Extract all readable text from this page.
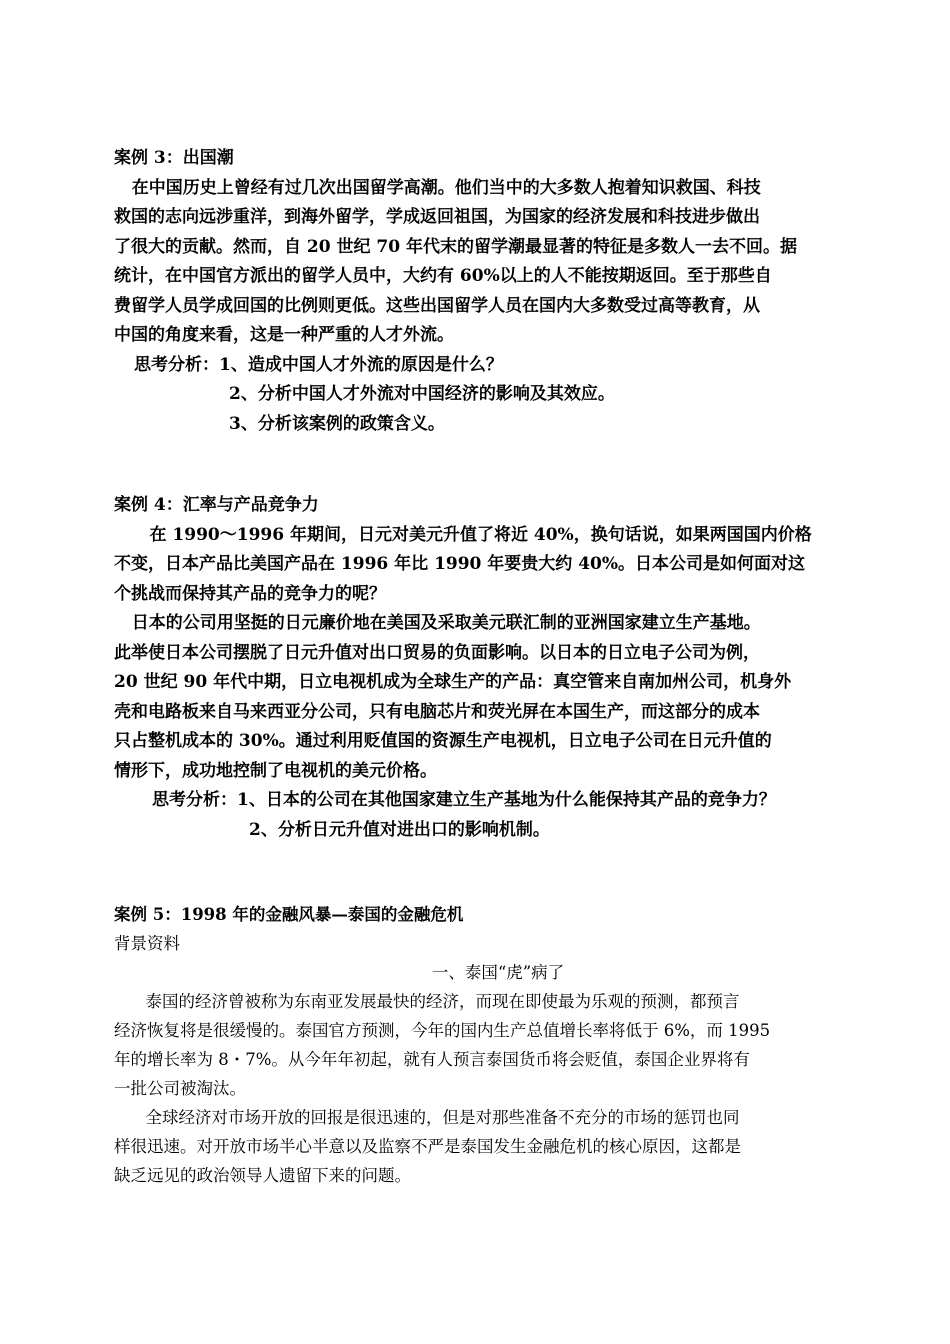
案例 3：出国潮
在中国历史上曾经有过几次出国留学高潮。他们当中的大多数人抱着知识救国、科技
救国的志向远涉重洋，到海外留学，学成返回祖国，为国家的经济发展和科技进步做出
了很大的贡献。然而，自 20 世纪 70 年代末的留学潮最显著的特征是多数人一去不回。据
统计，在中国官方派出的留学人员中，大约有 60%以上的人不能按期返回。至于那些自
费留学人员学成回国的比例则更低。这些出国留学人员在国内大多数受过高等教育，从
中国的角度来看，这是一种严重的人才外流。
思考分析：1、造成中国人才外流的原因是什么？
2、分析中国人才外流对中国经济的影响及其效应。
3、分析该案例的政策含义。
案例 4：汇率与产品竞争力
在 1990～1996 年期间，日元对美元升值了将近 40%，换句话说，如果两国国内价格
不变，日本产品比美国产品在 1996 年比 1990 年要贵大约 40%。日本公司是如何面对这
个挑战而保持其产品的竞争力的呢？
日本的公司用坚挺的日元廉价地在美国及采取美元联汇制的亚洲国家建立生产基地。
此举使日本公司摆脱了日元升值对出口贸易的负面影响。以日本的日立电子公司为例，
20 世纪 90 年代中期，日立电视机成为全球生产的产品：真空管来自南加州公司，机身外
壳和电路板来自马来西亚分公司，只有电脑芯片和荧光屏在本国生产，而这部分的成本
只占整机成本的 30%。通过利用贬值国的资源生产电视机，日立电子公司在日元升值的
情形下，成功地控制了电视机的美元价格。
思考分析：1、日本的公司在其他国家建立生产基地为什么能保持其产品的竞争力？
2、分析日元升值对进出口的影响机制。
案例 5：1998 年的金融风暴—泰国的金融危机
背景资料
一、泰国“虎”病了
泰国的经济曾被称为东南亚发展最快的经济，而现在即使最为乐观的预测，都预言
经济恢复将是很缓慢的。泰国官方预测，今年的国内生产总值增长率将低于 6%，而 1995
年的增长率为 8・7%。从今年年初起，就有人预言泰国货币将会贬值，泰国企业界将有
一批公司被淘汰。
全球经济对市场开放的回报是很迅速的，但是对那些准备不充分的市场的惩罚也同
样很迅速。对开放市场半心半意以及监察不严是泰国发生金融危机的核心原因，这都是
缺乏远见的政治领导人遗留下来的问题。
